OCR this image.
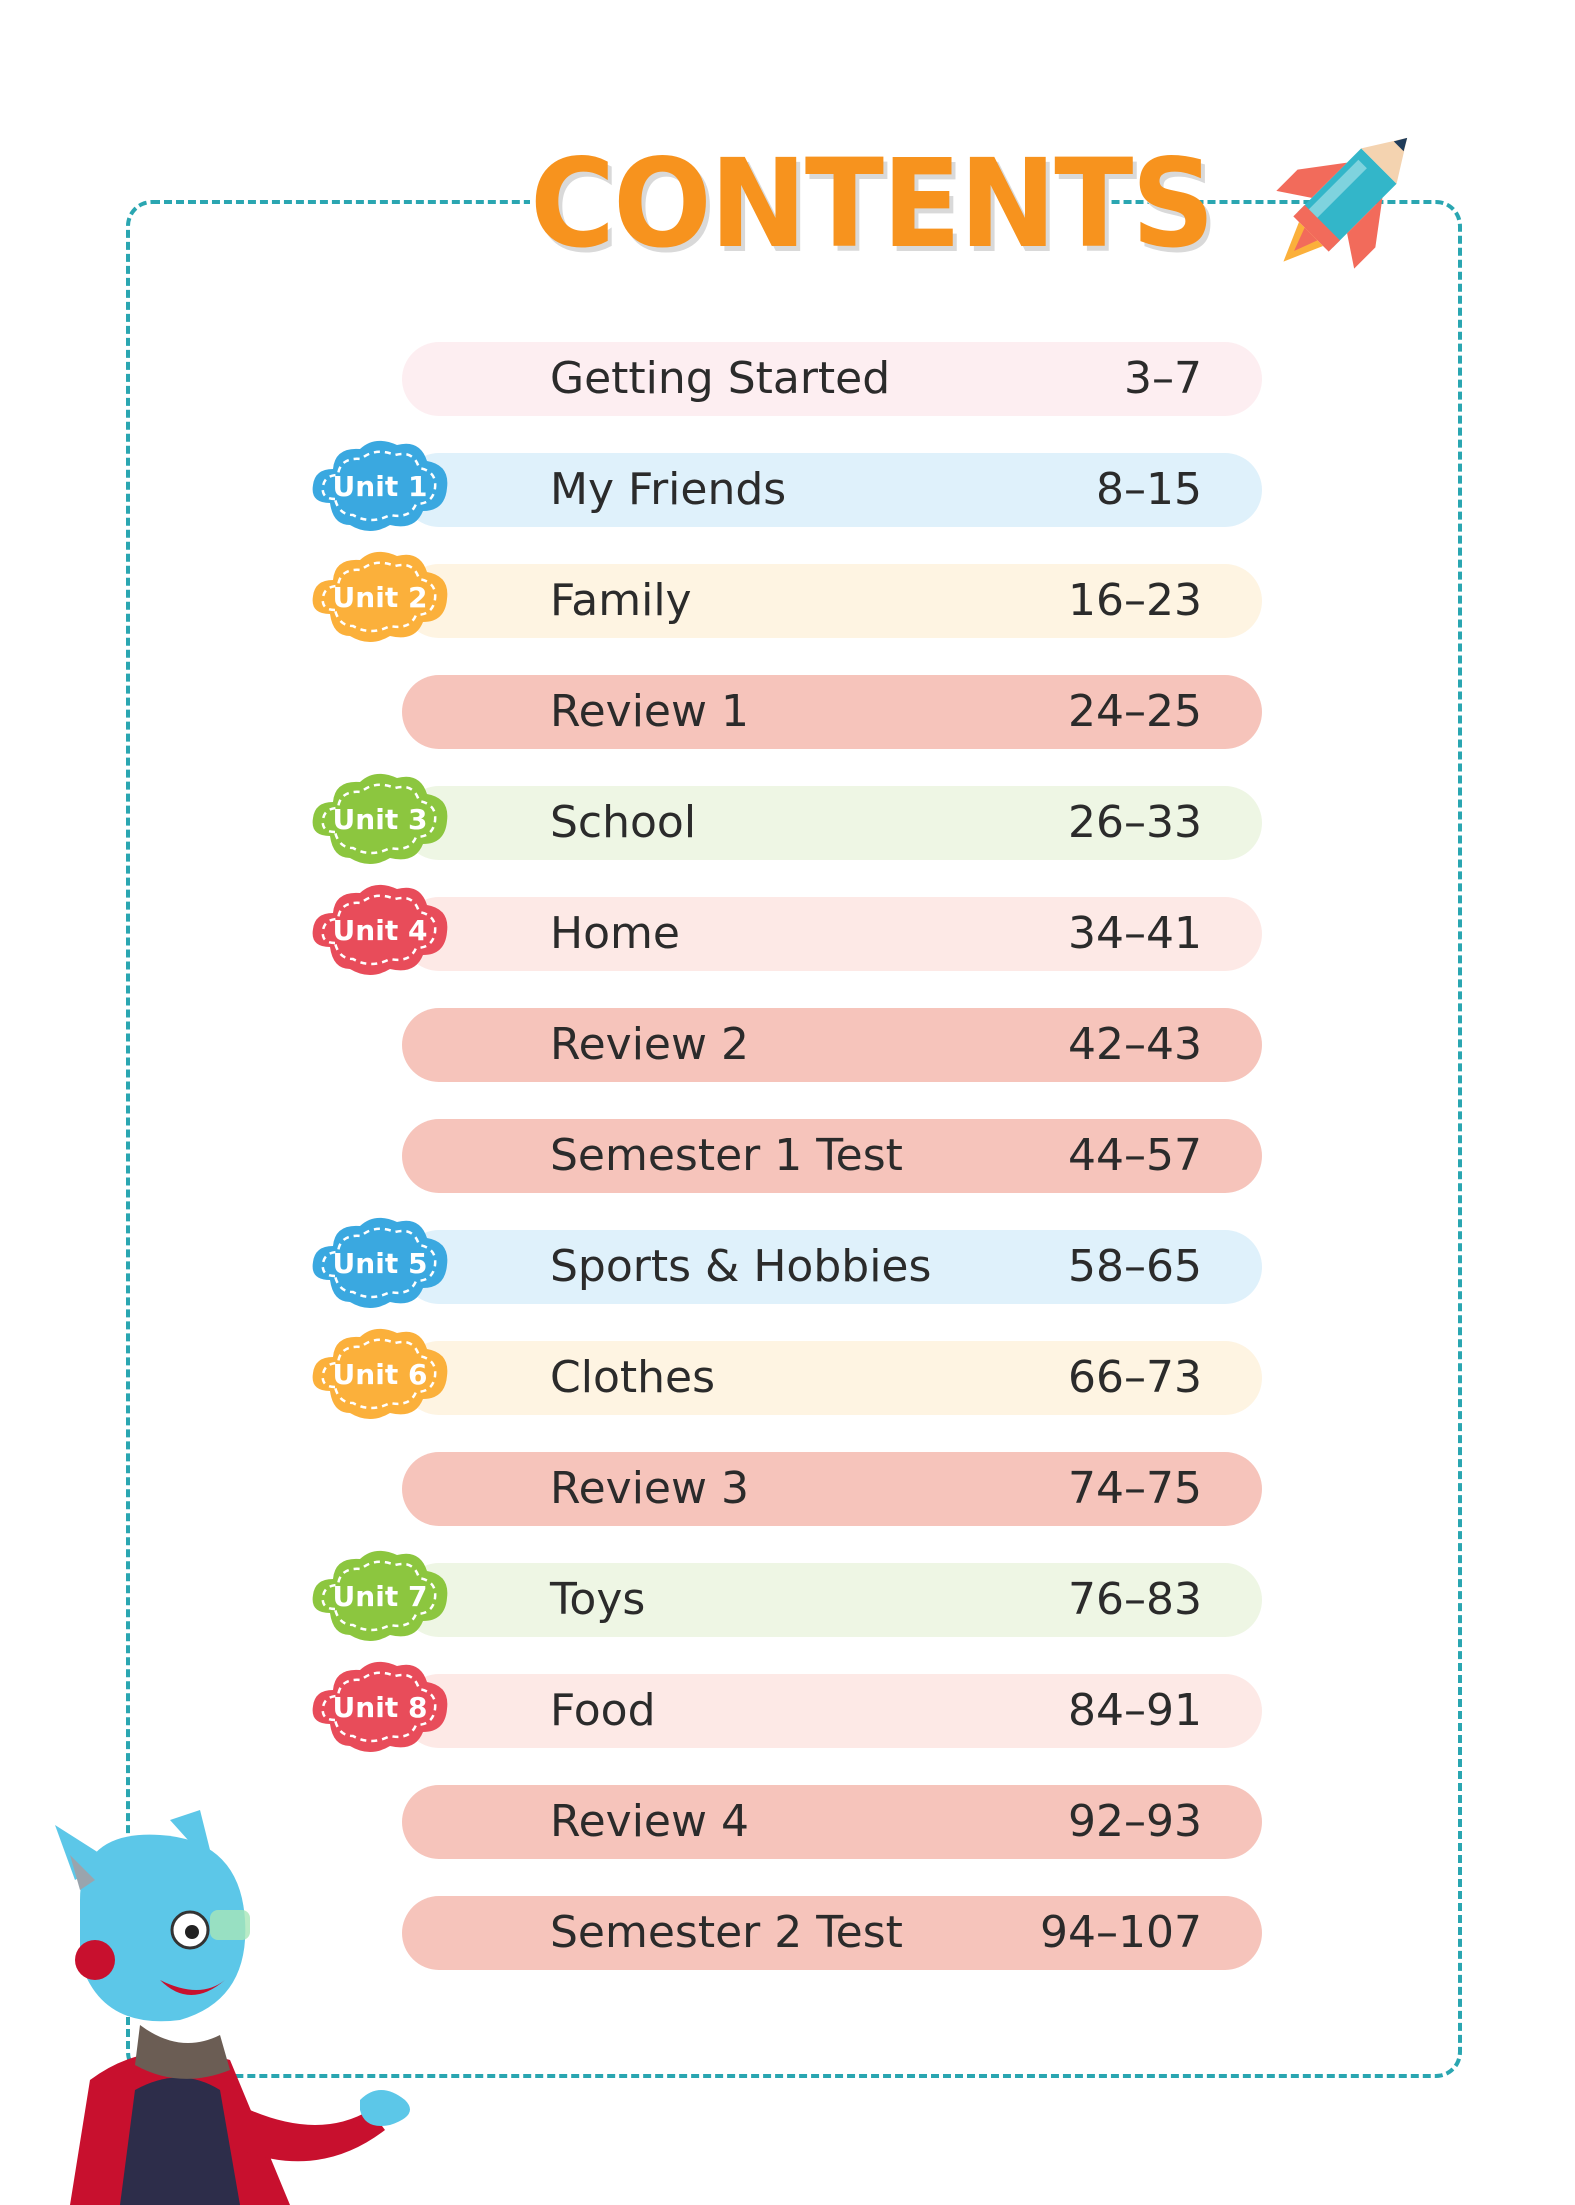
CONTENTS
Getting Started	3–7
My Friends	8–15
Unit 1
Family	16–23
Unit 2
Review 1	24–25
School	26–33
Unit 3
Home	34–41
Unit 4
Review 2	42–43
Semester 1 Test	44–57
Sports & Hobbies	58–65
Unit 5
Clothes	66–73
Unit 6
Review 3	74–75
Toys	76–83
Unit 7
Food	84–91
Unit 8
Review 4	92–93
Semester 2 Test	94–107
